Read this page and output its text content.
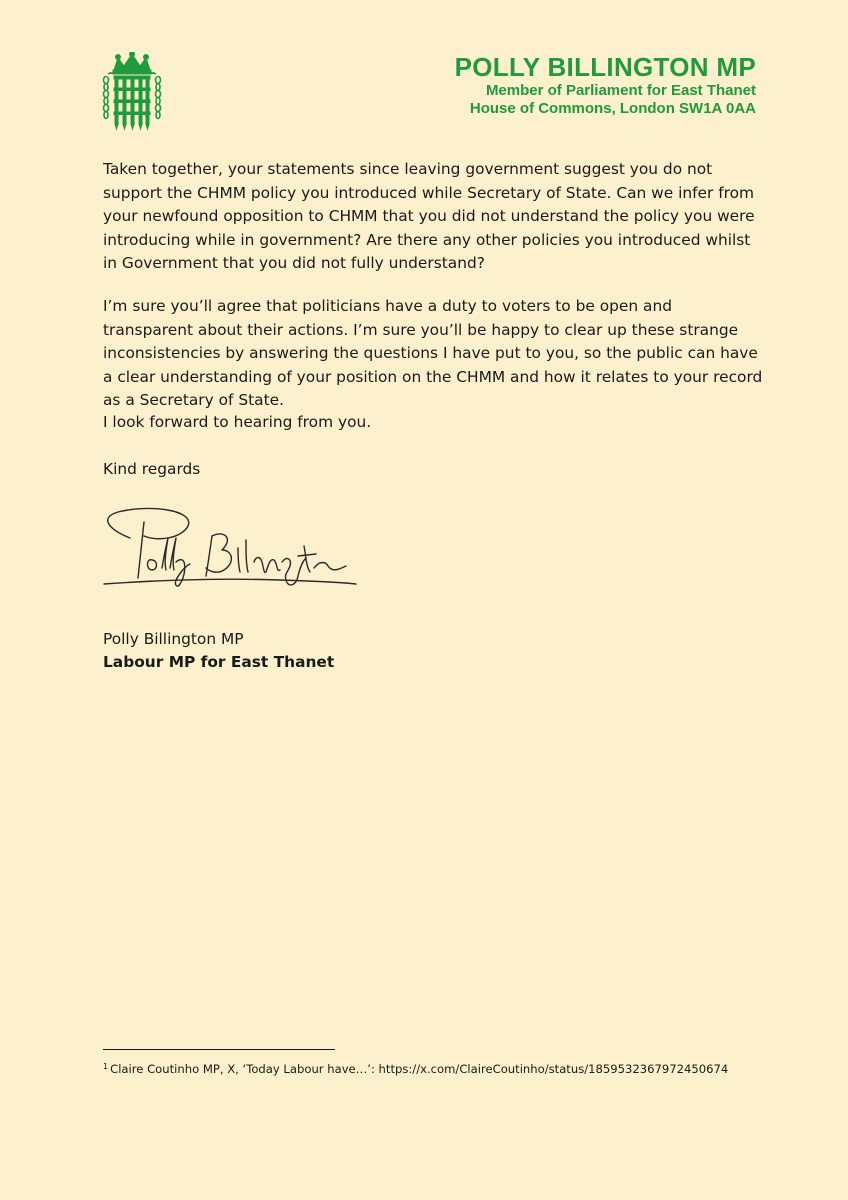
POLLY BILLINGTON MP
Member of Parliament for East Thanet
House of Commons, London SW1A 0AA

Taken together, your statements since leaving government suggest you do not support the CHMM policy you introduced while Secretary of State. Can we infer from your newfound opposition to CHMM that you did not understand the policy you were introducing while in government? Are there any other policies you introduced whilst in Government that you did not fully understand?

I’m sure you’ll agree that politicians have a duty to voters to be open and transparent about their actions. I’m sure you’ll be happy to clear up these strange inconsistencies by answering the questions I have put to you, so the public can have a clear understanding of your position on the CHMM and how it relates to your record as a Secretary of State.

I look forward to hearing from you.

Kind regards

Polly Billington MP
Labour MP for East Thanet
$^1$ Claire Coutinho MP, X, ‘Today Labour have…’: https://x.com/ClaireCoutinho/status/1859532367972450674
